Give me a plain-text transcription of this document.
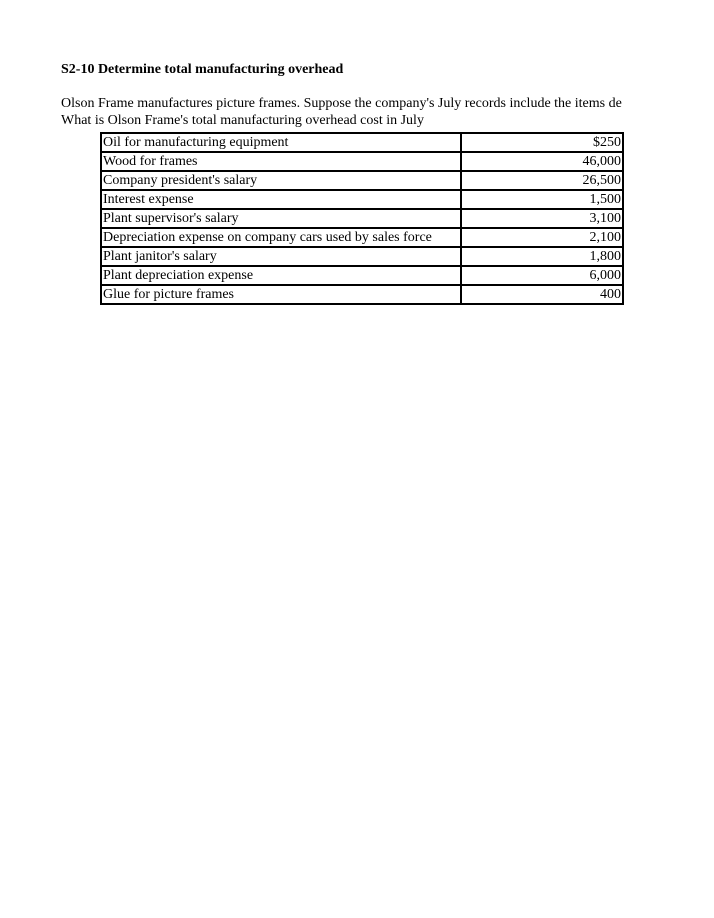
S2-10 Determine total manufacturing overhead
Olson Frame manufactures picture frames. Suppose the company's July records include the items de
What is Olson Frame's total manufacturing overhead cost in July
Oil for manufacturing equipment	$250
Wood for frames	46,000
Company president's salary	26,500
Interest expense	1,500
Plant supervisor's salary	3,100
Depreciation expense on company cars used by sales force	2,100
Plant janitor's salary	1,800
Plant depreciation expense	6,000
Glue for picture frames	400
